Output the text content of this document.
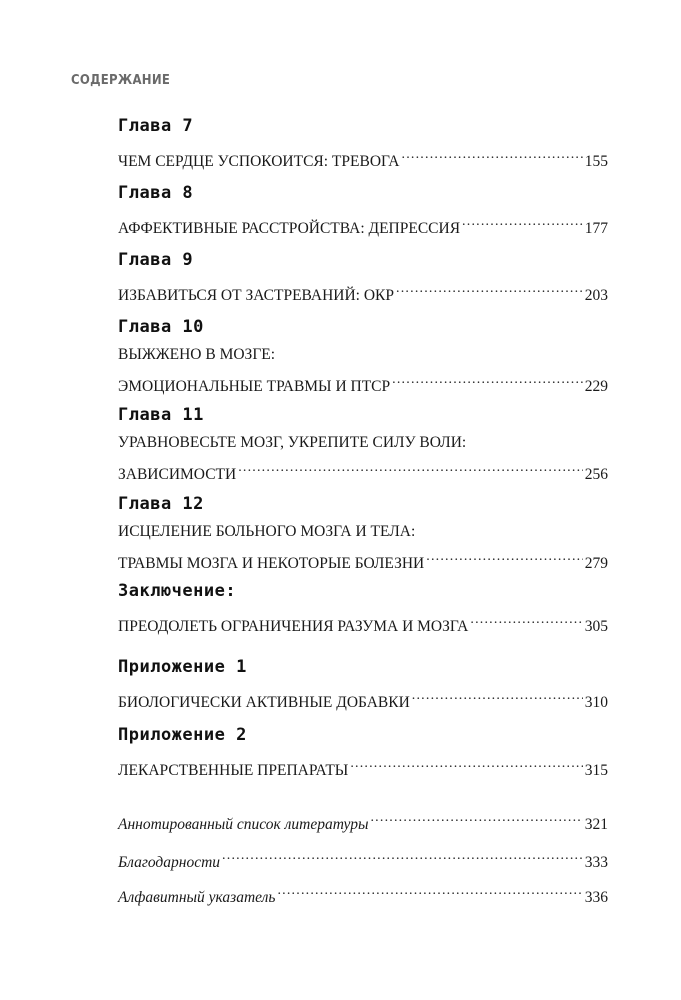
СОДЕРЖАНИЕ
Глава 7
ЧЕМ СЕРДЦЕ УСПОКОИТСЯ: ТРЕВОГА .....	155
Глава 8
АФФЕКТИВНЫЕ РАССТРОЙСТВА: ДЕПРЕССИЯ .....	177
Глава 9
ИЗБАВИТЬСЯ ОТ ЗАСТРЕВАНИЙ: ОКР .....	203
Глава 10
ВЫЖЖЕНО В МОЗГЕ:
ЭМОЦИОНАЛЬНЫЕ ТРАВМЫ И ПТСР .....	229
Глава 11
УРАВНОВЕСЬТЕ МОЗГ, УКРЕПИТЕ СИЛУ ВОЛИ:
ЗАВИСИМОСТИ .....	256
Глава 12
ИСЦЕЛЕНИЕ БОЛЬНОГО МОЗГА И ТЕЛА:
ТРАВМЫ МОЗГА И НЕКОТОРЫЕ БОЛЕЗНИ .....	279
Заключение:
ПРЕОДОЛЕТЬ ОГРАНИЧЕНИЯ РАЗУМА И МОЗГА .....	305
Приложение 1
БИОЛОГИЧЕСКИ АКТИВНЫЕ ДОБАВКИ .....	310
Приложение 2
ЛЕКАРСТВЕННЫЕ ПРЕПАРАТЫ .....	315
Аннотированный список литературы .....	321
Благодарности .....	333
Алфавитный указатель .....	336
